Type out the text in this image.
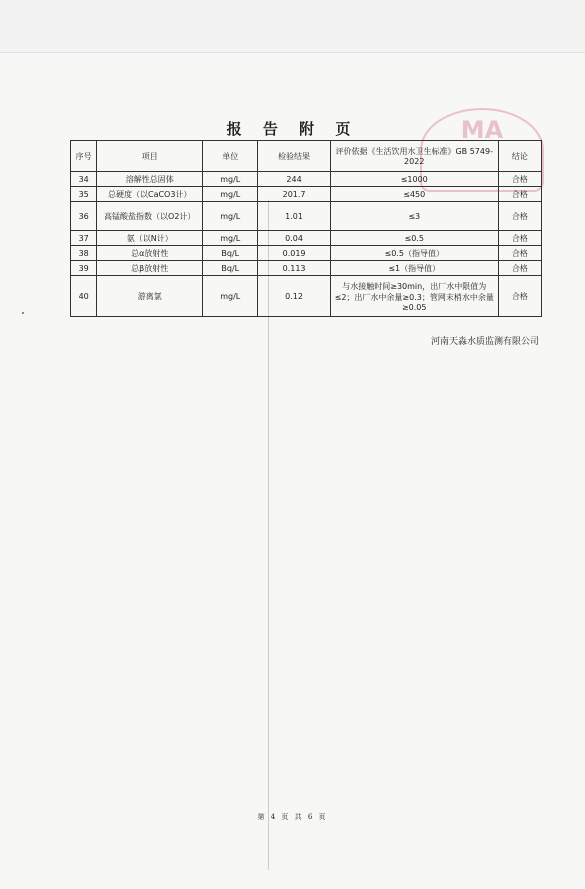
MA
报 告 附 页
序号	项目	单位	检验结果	评价依据《生活饮用水卫生标准》GB 5749-2022	结论
34	溶解性总固体	mg/L	244	≤1000	合格
35	总硬度（以CaCO3计）	mg/L	201.7	≤450	合格
36	高锰酸盐指数（以O2计）	mg/L	1.01	≤3	合格
37	氨（以N计）	mg/L	0.04	≤0.5	合格
38	总α放射性	Bq/L	0.019	≤0.5（指导值）	合格
39	总β放射性	Bq/L	0.113	≤1（指导值）	合格
40	游离氯	mg/L	0.12	与水接触时间≥30min，出厂水中限值为≤2；出厂水中余量≥0.3；管网末梢水中余量≥0.05	合格
河南天淼水质监测有限公司
第 4 页 共 6 页
